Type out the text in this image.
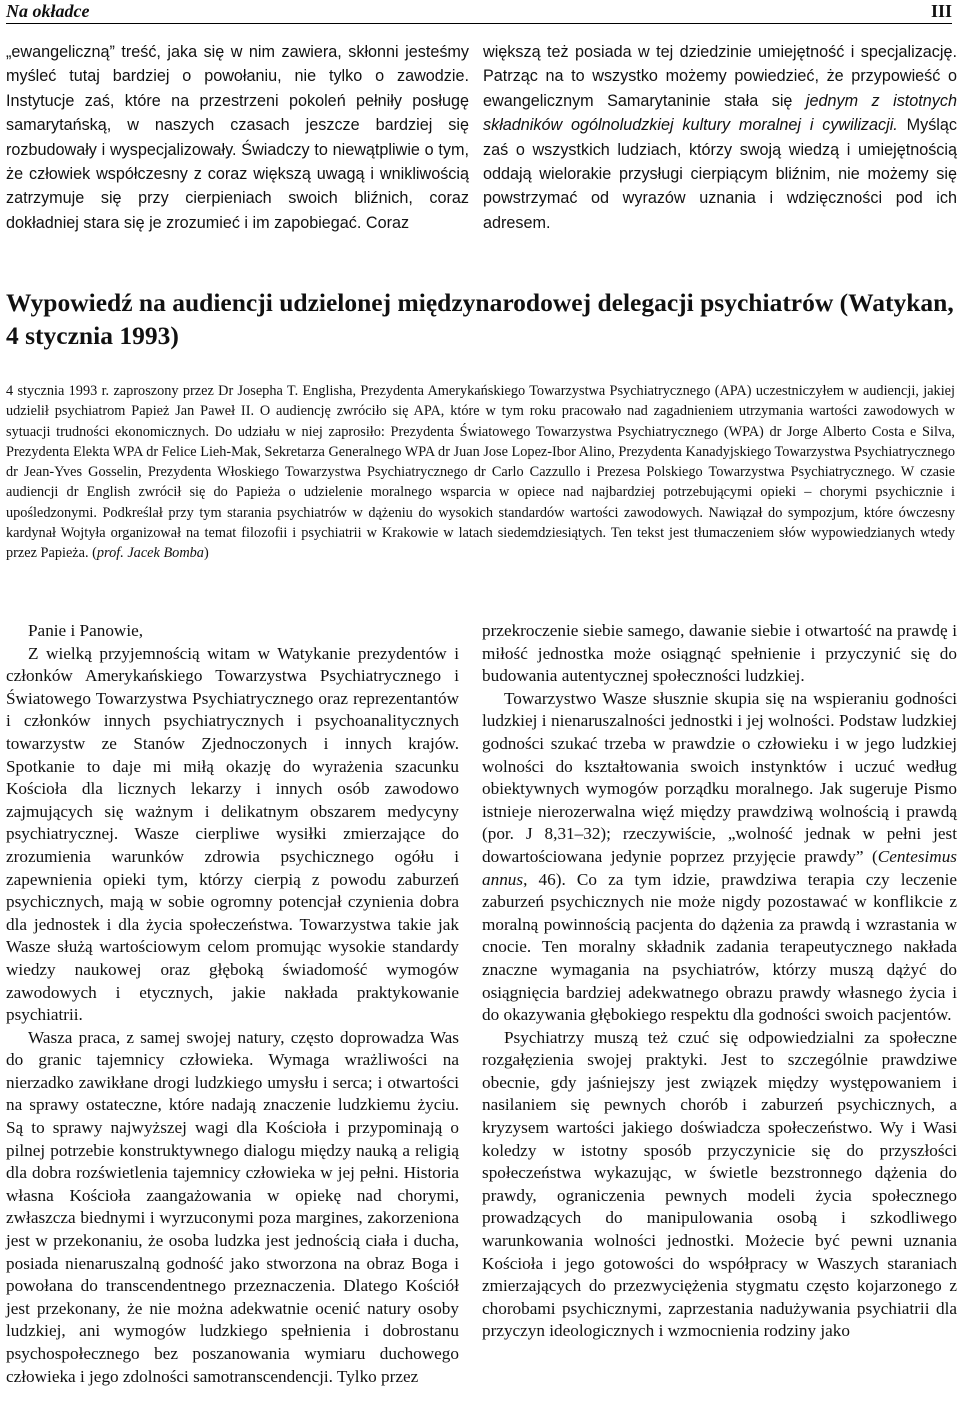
Na okładce	III

„ewangeliczną” treść, jaka się w nim zawiera, skłonni jesteśmy myśleć tutaj bardziej o powołaniu, nie tylko o zawodzie. Instytucje zaś, które na przestrzeni pokoleń pełniły posługę samarytańską, w naszych czasach jeszcze bardziej się rozbudowały i wyspecjalizowały. Świadczy to niewątpliwie o tym, że człowiek współczesny z coraz większą uwagą i wnikliwością zatrzymuje się przy cierpieniach swoich bliźnich, coraz dokładniej stara się je zrozumieć i im zapobiegać. Coraz

większą też posiada w tej dziedzinie umiejętność i specjalizację. Patrząc na to wszystko możemy powiedzieć, że przypowieść o ewangelicznym Samarytaninie stała się jednym z istotnych składników ogólnoludzkiej kultury moralnej i cywilizacji. Myśląc zaś o wszystkich ludziach, którzy swoją wiedzą i umiejętnością oddają wielorakie przysługi cierpiącym bliźnim, nie możemy się powstrzymać od wyrazów uznania i wdzięczności pod ich adresem.

Wypowiedź na audiencji udzielonej międzynarodowej delegacji psychiatrów (Watykan, 4 stycznia 1993)

4 stycznia 1993 r. zaproszony przez Dr Josepha T. Englisha, Prezydenta Amerykańskiego Towarzystwa Psychiatrycznego (APA) uczestniczyłem w audiencji, jakiej udzielił psychiatrom Papież Jan Paweł II. O audiencję zwróciło się APA, które w tym roku pracowało nad zagadnieniem utrzymania wartości zawodowych w sytuacji trudności ekonomicznych. Do udziału w niej zaprosiło: Prezydenta Światowego Towarzystwa Psychiatrycznego (WPA) dr Jorge Alberto Costa e Silva, Prezydenta Elekta WPA dr Felice Lieh-Mak, Sekretarza Generalnego WPA dr Juan Jose Lopez-Ibor Alino, Prezydenta Kanadyjskiego Towarzystwa Psychiatrycznego dr Jean-Yves Gosselin, Prezydenta Włoskiego Towarzystwa Psychiatrycznego dr Carlo Cazzullo i Prezesa Polskiego Towarzystwa Psychiatrycznego. W czasie audiencji dr English zwrócił się do Papieża o udzielenie moralnego wsparcia w opiece nad najbardziej potrzebującymi opieki – chorymi psychicznie i upośledzonymi. Podkreślał przy tym starania psychiatrów w dążeniu do wysokich standardów wartości zawodowych. Nawiązał do sympozjum, które ówczesny kardynał Wojtyła organizował na temat filozofii i psychiatrii w Krakowie w latach siedemdziesiątych. Ten tekst jest tłumaczeniem słów wypowiedzianych wtedy przez Papieża. (prof. Jacek Bomba)

Panie i Panowie,

Z wielką przyjemnością witam w Watykanie prezydentów i członków Amerykańskiego Towarzystwa Psychiatrycznego i Światowego Towarzystwa Psychiatrycznego oraz reprezentantów i członków innych psychiatrycznych i psychoanalitycznych towarzystw ze Stanów Zjednoczonych i innych krajów. Spotkanie to daje mi miłą okazję do wyrażenia szacunku Kościoła dla licznych lekarzy i innych osób zawodowo zajmujących się ważnym i delikatnym obszarem medycyny psychiatrycznej. Wasze cierpliwe wysiłki zmierzające do zrozumienia warunków zdrowia psychicznego ogółu i zapewnienia opieki tym, którzy cierpią z powodu zaburzeń psychicznych, mają w sobie ogromny potencjał czynienia dobra dla jednostek i dla życia społeczeństwa. Towarzystwa takie jak Wasze służą wartościowym celom promując wysokie standardy wiedzy naukowej oraz głęboką świadomość wymogów zawodowych i etycznych, jakie nakłada praktykowanie psychiatrii.

Wasza praca, z samej swojej natury, często doprowadza Was do granic tajemnicy człowieka. Wymaga wrażliwości na nierzadko zawikłane drogi ludzkiego umysłu i serca; i otwartości na sprawy ostateczne, które nadają znaczenie ludzkiemu życiu. Są to sprawy najwyższej wagi dla Kościoła i przypominają o pilnej potrzebie konstruktywnego dialogu między nauką a religią dla dobra rozświetlenia tajemnicy człowieka w jej pełni. Historia własna Kościoła zaangażowania w opiekę nad chorymi, zwłaszcza biednymi i wyrzuconymi poza margines, zakorzeniona jest w przekonaniu, że osoba ludzka jest jednością ciała i ducha, posiada nienaruszalną godność jako stworzona na obraz Boga i powołana do transcendentnego przeznaczenia. Dlatego Kościół jest przekonany, że nie można adekwatnie ocenić natury osoby ludzkiej, ani wymogów ludzkiego spełnienia i dobrostanu psychospołecznego bez poszanowania wymiaru duchowego człowieka i jego zdolności samotranscendencji. Tylko przez

przekroczenie siebie samego, dawanie siebie i otwartość na prawdę i miłość jednostka może osiągnąć spełnienie i przyczynić się do budowania autentycznej społeczności ludzkiej.

Towarzystwo Wasze słusznie skupia się na wspieraniu godności ludzkiej i nienaruszalności jednostki i jej wolności. Podstaw ludzkiej godności szukać trzeba w prawdzie o człowieku i w jego ludzkiej wolności do kształtowania swoich instynktów i uczuć według obiektywnych wymogów porządku moralnego. Jak sugeruje Pismo istnieje nierozerwalna więź między prawdziwą wolnością i prawdą (por. J 8,31–32); rzeczywiście, „wolność jednak w pełni jest dowartościowana jedynie poprzez przyjęcie prawdy” (Centesimus annus, 46). Co za tym idzie, prawdziwa terapia czy leczenie zaburzeń psychicznych nie może nigdy pozostawać w konflikcie z moralną powinnością pacjenta do dążenia za prawdą i wzrastania w cnocie. Ten moralny składnik zadania terapeutycznego nakłada znaczne wymagania na psychiatrów, którzy muszą dążyć do osiągnięcia bardziej adekwatnego obrazu prawdy własnego życia i do okazywania głębokiego respektu dla godności swoich pacjentów.

Psychiatrzy muszą też czuć się odpowiedzialni za społeczne rozgałęzienia swojej praktyki. Jest to szczególnie prawdziwe obecnie, gdy jaśniejszy jest związek między występowaniem i nasilaniem się pewnych chorób i zaburzeń psychicznych, a kryzysem wartości jakiego doświadcza społeczeństwo. Wy i Wasi koledzy w istotny sposób przyczynicie się do przyszłości społeczeństwa wykazując, w świetle bezstronnego dążenia do prawdy, ograniczenia pewnych modeli życia społecznego prowadzących do manipulowania osobą i szkodliwego warunkowania wolności jednostki. Możecie być pewni uznania Kościoła i jego gotowości do współpracy w Waszych staraniach zmierzających do przezwyciężenia stygmatu często kojarzonego z chorobami psychicznymi, zaprzestania nadużywania psychiatrii dla przyczyn ideologicznych i wzmocnienia rodziny jako
